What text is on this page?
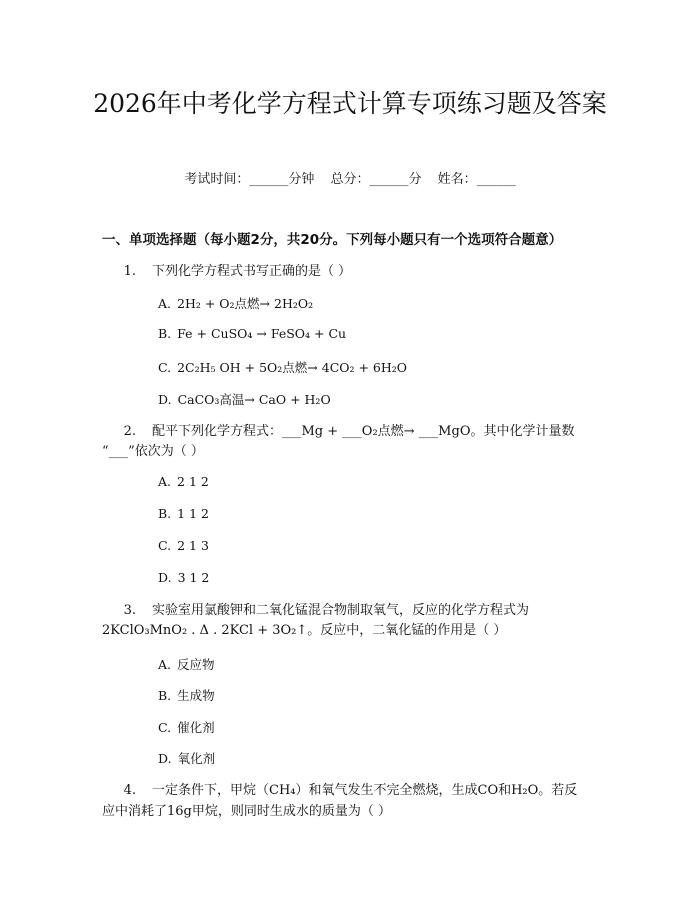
2026年中考化学方程式计算专项练习题及答案
考试时间：______分钟 总分：______分 姓名：______
一、单项选择题（每小题2分，共20分。下列每小题只有一个选项符合题意）
1. 下列化学方程式书写正确的是（ ）
A. 2H₂ + O₂点燃→ 2H₂O₂
B. Fe + CuSO₄ → FeSO₄ + Cu
C. 2C₂H₅ OH + 5O₂点燃→ 4CO₂ + 6H₂O
D. CaCO₃高温→ CaO + H₂O
2. 配平下列化学方程式：___Mg + ___O₂点燃→ ___MgO。其中化学计量数
“___”依次为（ ）
A. 2 1 2
B. 1 1 2
C. 2 1 3
D. 3 1 2
3. 实验室用氯酸钾和二氧化锰混合物制取氧气，反应的化学方程式为
2KClO₃MnO₂ . Δ . 2KCl + 3O₂↑。反应中，二氧化锰的作用是（ ）
A. 反应物
B. 生成物
C. 催化剂
D. 氧化剂
4. 一定条件下，甲烷（CH₄）和氧气发生不完全燃烧，生成CO和H₂O。若反
应中消耗了16g甲烷，则同时生成水的质量为（ ）
